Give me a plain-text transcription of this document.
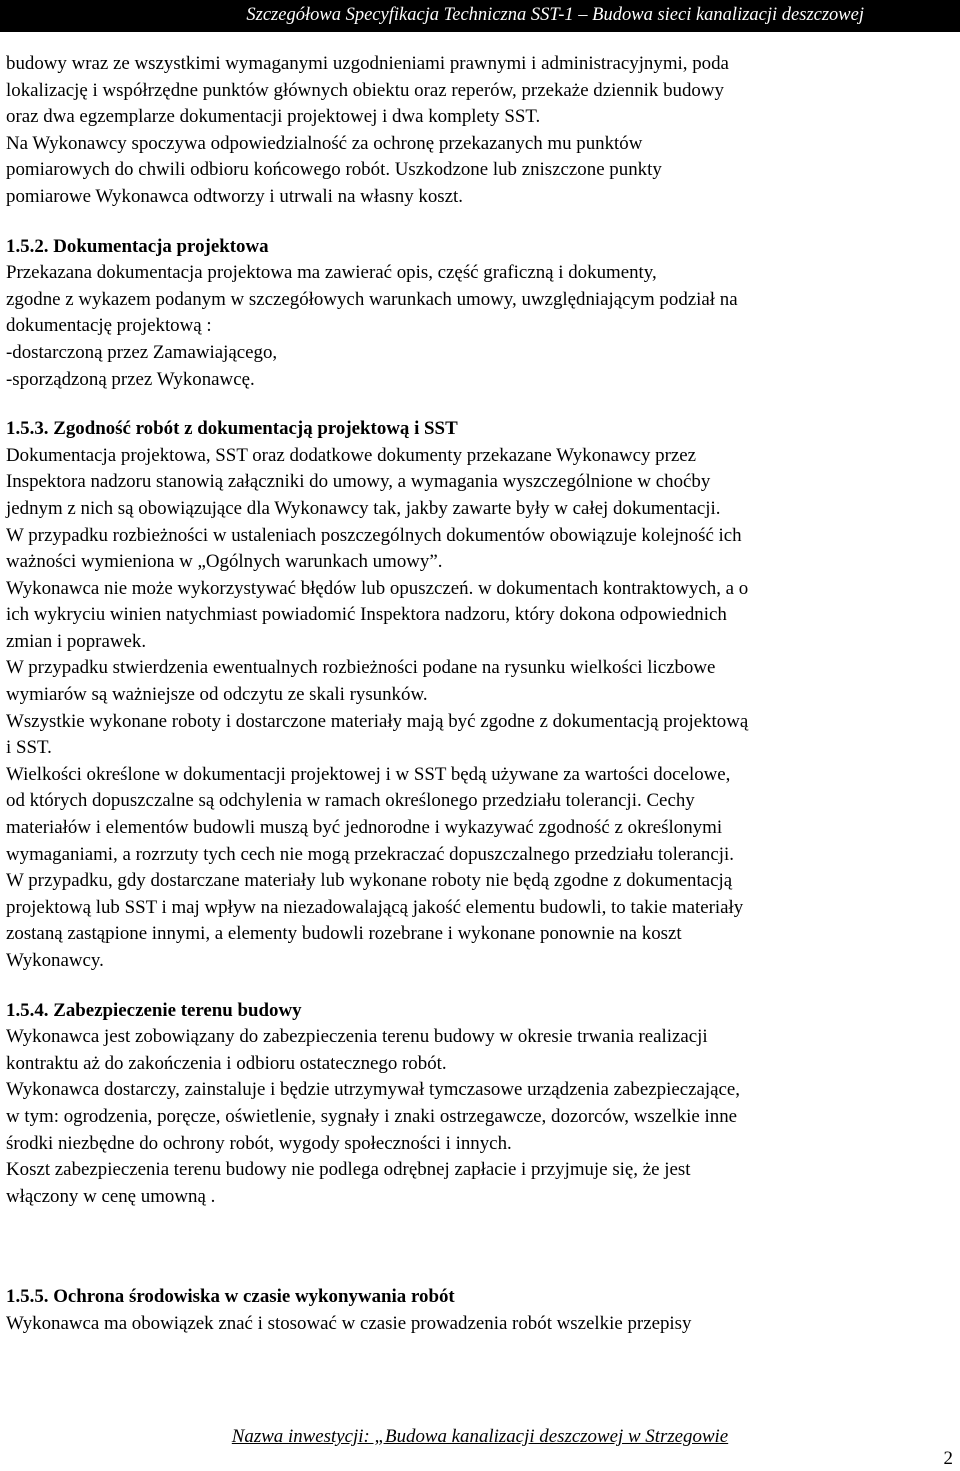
Szczegółowa Specyfikacja Techniczna SST-1 – Budowa sieci kanalizacji deszczowej

budowy wraz ze wszystkimi wymaganymi uzgodnieniami prawnymi i administracyjnymi, poda

lokalizację i współrzędne punktów głównych obiektu oraz reperów, przekaże dziennik budowy

oraz dwa egzemplarze dokumentacji projektowej i dwa komplety SST.

Na Wykonawcy spoczywa odpowiedzialność za ochronę przekazanych mu punktów

pomiarowych do chwili odbioru końcowego robót. Uszkodzone lub zniszczone punkty

pomiarowe Wykonawca odtworzy i utrwali na własny koszt.

1.5.2. Dokumentacja projektowa

Przekazana dokumentacja projektowa ma zawierać opis, część graficzną i dokumenty,

zgodne z wykazem podanym w szczegółowych warunkach umowy, uwzględniającym podział na

dokumentację projektową :

-dostarczoną przez Zamawiającego,

-sporządzoną przez Wykonawcę.

1.5.3. Zgodność robót z dokumentacją projektową i SST

Dokumentacja projektowa, SST oraz dodatkowe dokumenty przekazane Wykonawcy przez

Inspektora nadzoru stanowią załączniki do umowy, a wymagania wyszczególnione w choćby

jednym z nich są obowiązujące dla Wykonawcy tak, jakby zawarte były w całej dokumentacji.

W przypadku rozbieżności w ustaleniach poszczególnych dokumentów obowiązuje kolejność ich

ważności wymieniona w „Ogólnych warunkach umowy”.

Wykonawca nie może wykorzystywać błędów lub opuszczeń. w dokumentach kontraktowych, a o

ich wykryciu winien natychmiast powiadomić Inspektora nadzoru, który dokona odpowiednich

zmian i poprawek.

W przypadku stwierdzenia ewentualnych rozbieżności podane na rysunku wielkości liczbowe

wymiarów są ważniejsze od odczytu ze skali rysunków.

Wszystkie wykonane roboty i dostarczone materiały mają być zgodne z dokumentacją projektową

i SST.

Wielkości określone w dokumentacji projektowej i w SST będą używane za wartości docelowe,

od których dopuszczalne są odchylenia w ramach określonego przedziału tolerancji. Cechy

materiałów i elementów budowli muszą być jednorodne i wykazywać zgodność z określonymi

wymaganiami, a rozrzuty tych cech nie mogą przekraczać dopuszczalnego przedziału tolerancji.

W przypadku, gdy dostarczane materiały lub wykonane roboty nie będą zgodne z dokumentacją

projektową lub SST i maj wpływ na niezadowalającą jakość elementu budowli, to takie materiały

zostaną zastąpione innymi, a elementy budowli rozebrane i wykonane ponownie na koszt

Wykonawcy.

1.5.4. Zabezpieczenie terenu budowy

Wykonawca jest zobowiązany do zabezpieczenia terenu budowy w okresie trwania realizacji

kontraktu aż do zakończenia i odbioru ostatecznego robót.

Wykonawca dostarczy, zainstaluje i będzie utrzymywał tymczasowe urządzenia zabezpieczające,

w tym: ogrodzenia, poręcze, oświetlenie, sygnały i znaki ostrzegawcze, dozorców, wszelkie inne

środki niezbędne do ochrony robót, wygody społeczności i innych.

Koszt zabezpieczenia terenu budowy nie podlega odrębnej zapłacie i przyjmuje się, że jest

włączony w cenę umowną .

1.5.5. Ochrona środowiska w czasie wykonywania robót

Wykonawca ma obowiązek znać i stosować w czasie prowadzenia robót wszelkie przepisy

Nazwa inwestycji: „Budowa kanalizacji deszczowej w Strzegowie
2
